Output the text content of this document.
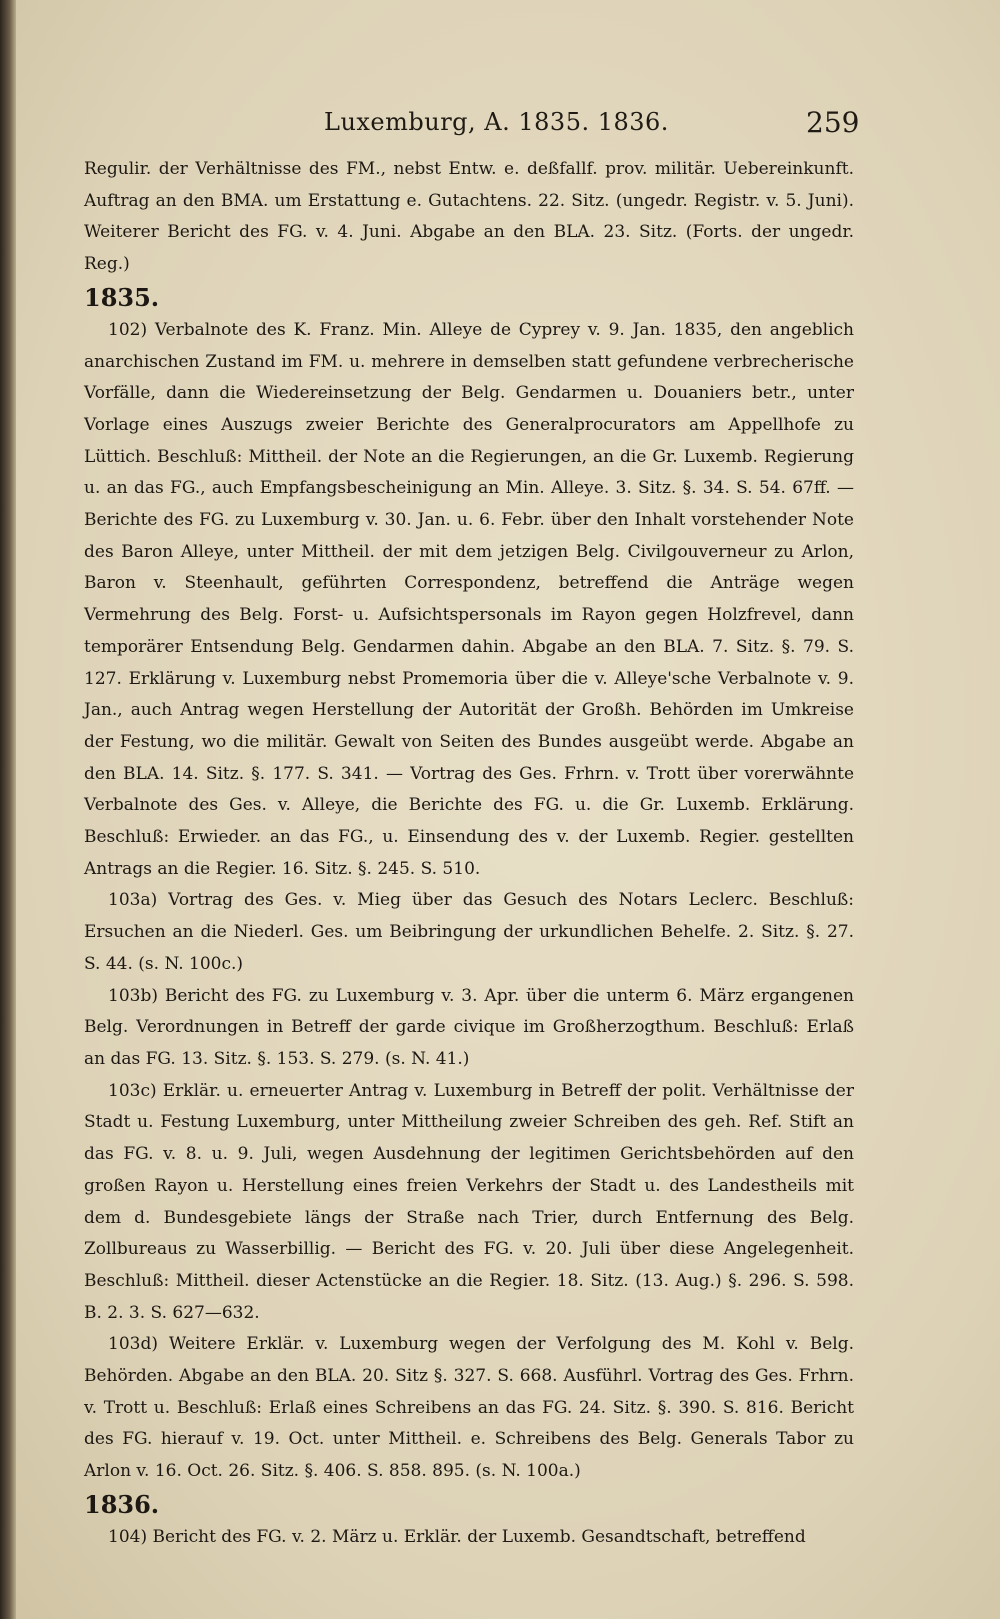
Luxemburg, A. 1835. 1836.	259

Regulir. der Verhältnisse des FM., nebst Entw. e. deßfallf. prov. militär. Uebereinkunft. Auftrag an den BMA. um Erstattung e. Gutachtens. 22. Sitz. (ungedr. Registr. v. 5. Juni). Weiterer Bericht des FG. v. 4. Juni. Abgabe an den BLA. 23. Sitz. (Forts. der ungedr. Reg.)

1835.

102) Verbalnote des K. Franz. Min. Alleye de Cyprey v. 9. Jan. 1835, den angeblich anarchischen Zustand im FM. u. mehrere in demselben statt gefundene verbrecherische Vorfälle, dann die Wiedereinsetzung der Belg. Gendarmen u. Douaniers betr., unter Vorlage eines Auszugs zweier Berichte des Generalprocurators am Appellhofe zu Lüttich. Beschluß: Mittheil. der Note an die Regierungen, an die Gr. Luxemb. Regierung u. an das FG., auch Empfangsbescheinigung an Min. Alleye. 3. Sitz. §. 34. S. 54. 67ff. — Berichte des FG. zu Luxemburg v. 30. Jan. u. 6. Febr. über den Inhalt vorstehender Note des Baron Alleye, unter Mittheil. der mit dem jetzigen Belg. Civilgouverneur zu Arlon, Baron v. Steenhault, geführten Correspondenz, betreffend die Anträge wegen Vermehrung des Belg. Forst- u. Aufsichtspersonals im Rayon gegen Holzfrevel, dann temporärer Entsendung Belg. Gendarmen dahin. Abgabe an den BLA. 7. Sitz. §. 79. S. 127. Erklärung v. Luxemburg nebst Promemoria über die v. Alleye'sche Verbalnote v. 9. Jan., auch Antrag wegen Herstellung der Autorität der Großh. Behörden im Umkreise der Festung, wo die militär. Gewalt von Seiten des Bundes ausgeübt werde. Abgabe an den BLA. 14. Sitz. §. 177. S. 341. — Vortrag des Ges. Frhrn. v. Trott über vorerwähnte Verbalnote des Ges. v. Alleye, die Berichte des FG. u. die Gr. Luxemb. Erklärung. Beschluß: Erwieder. an das FG., u. Einsendung des v. der Luxemb. Regier. gestellten Antrags an die Regier. 16. Sitz. §. 245. S. 510.

103a) Vortrag des Ges. v. Mieg über das Gesuch des Notars Leclerc. Beschluß: Ersuchen an die Niederl. Ges. um Beibringung der urkundlichen Behelfe. 2. Sitz. §. 27. S. 44. (s. N. 100c.)

103b) Bericht des FG. zu Luxemburg v. 3. Apr. über die unterm 6. März ergangenen Belg. Verordnungen in Betreff der garde civique im Großherzogthum. Beschluß: Erlaß an das FG. 13. Sitz. §. 153. S. 279. (s. N. 41.)

103c) Erklär. u. erneuerter Antrag v. Luxemburg in Betreff der polit. Verhältnisse der Stadt u. Festung Luxemburg, unter Mittheilung zweier Schreiben des geh. Ref. Stift an das FG. v. 8. u. 9. Juli, wegen Ausdehnung der legitimen Gerichtsbehörden auf den großen Rayon u. Herstellung eines freien Verkehrs der Stadt u. des Landestheils mit dem d. Bundesgebiete längs der Straße nach Trier, durch Entfernung des Belg. Zollbureaus zu Wasserbillig. — Bericht des FG. v. 20. Juli über diese Angelegenheit. Beschluß: Mittheil. dieser Actenstücke an die Regier. 18. Sitz. (13. Aug.) §. 296. S. 598. B. 2. 3. S. 627—632.

103d) Weitere Erklär. v. Luxemburg wegen der Verfolgung des M. Kohl v. Belg. Behörden. Abgabe an den BLA. 20. Sitz §. 327. S. 668. Ausführl. Vortrag des Ges. Frhrn. v. Trott u. Beschluß: Erlaß eines Schreibens an das FG. 24. Sitz. §. 390. S. 816. Bericht des FG. hierauf v. 19. Oct. unter Mittheil. e. Schreibens des Belg. Generals Tabor zu Arlon v. 16. Oct. 26. Sitz. §. 406. S. 858. 895. (s. N. 100a.)

1836.

104) Bericht des FG. v. 2. März u. Erklär. der Luxemb. Gesandtschaft, betreffend
